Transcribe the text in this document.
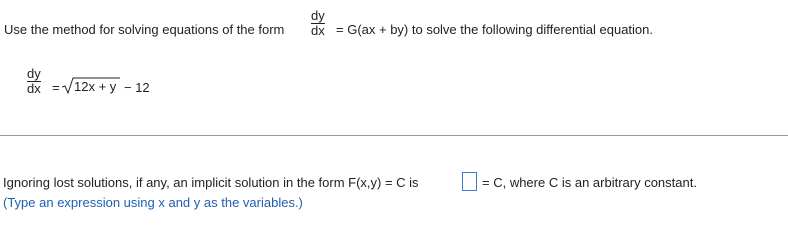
Use the method for solving equations of the form
dy
dx = G(ax + by) to solve the following differential equation.
dy
dx = 12x + y − 12
Ignoring lost solutions, if any, an implicit solution in the form F(x,y) = C is	= C, where C is an arbitrary constant.
(Type an expression using x and y as the variables.)
